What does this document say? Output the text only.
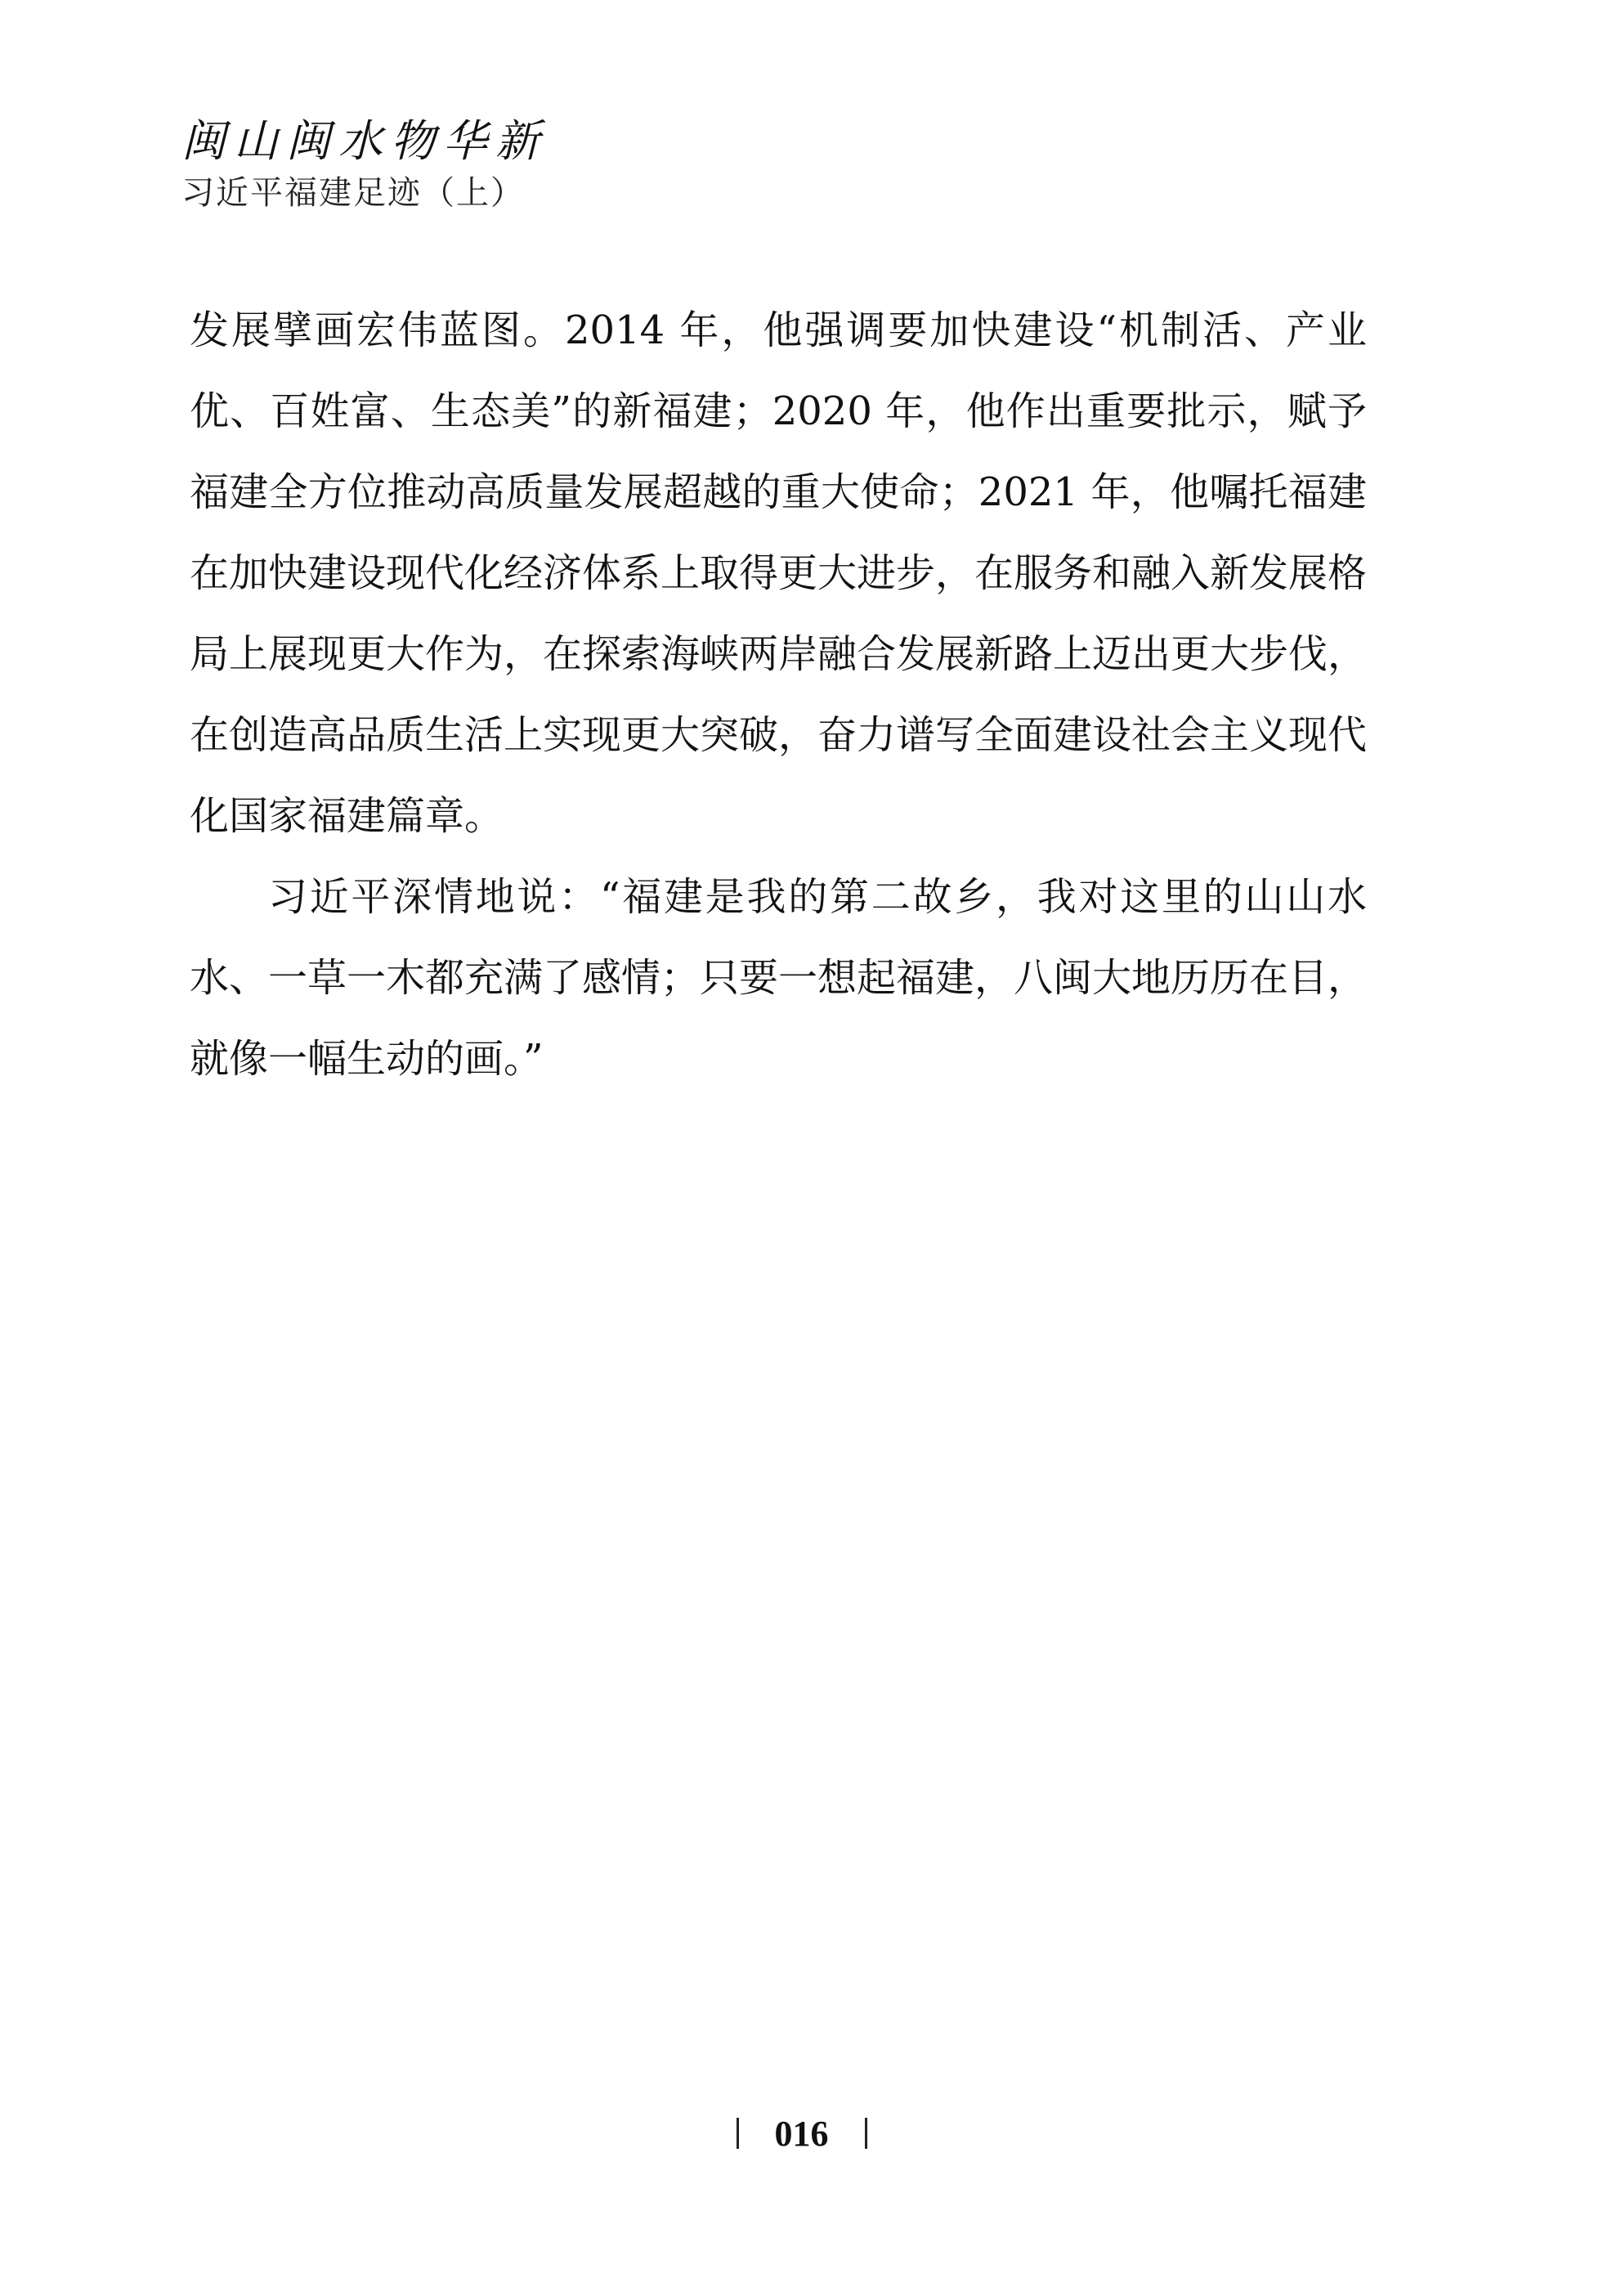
闽山闽水物华新
习近平福建足迹（上）

发展擘画宏伟蓝图。2014 年，他强调要加快建设“机制活、产业优、百姓富、生态美”的新福建；2020 年，他作出重要批示，赋予福建全方位推动高质量发展超越的重大使命；2021 年，他嘱托福建在加快建设现代化经济体系上取得更大进步，在服务和融入新发展格局上展现更大作为，在探索海峡两岸融合发展新路上迈出更大步伐，在创造高品质生活上实现更大突破，奋力谱写全面建设社会主义现代化国家福建篇章。

习近平深情地说：“福建是我的第二故乡，我对这里的山山水水、一草一木都充满了感情；只要一想起福建，八闽大地历历在目，就像一幅生动的画。”

016
